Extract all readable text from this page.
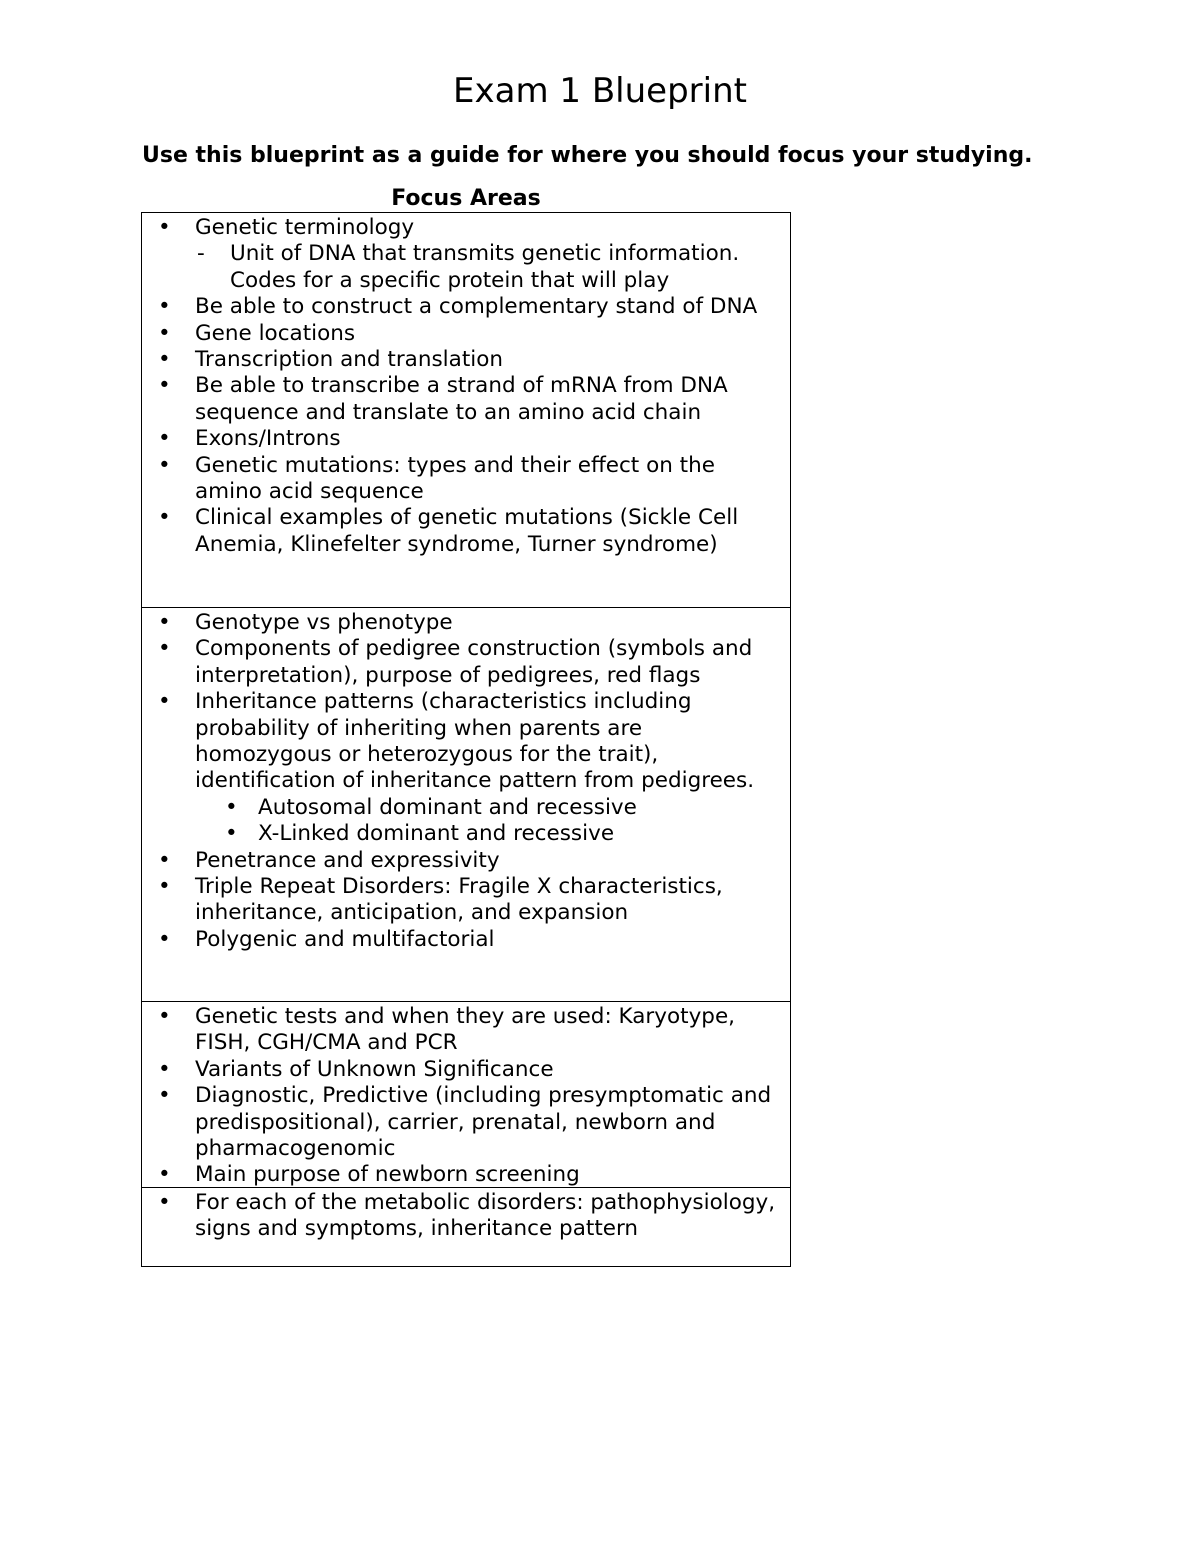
Exam 1 Blueprint
Use this blueprint as a guide for where you should focus your studying.
Focus Areas
• Genetic terminology
- Unit of DNA that transmits genetic information. Codes for a specific protein that will play
• Be able to construct a complementary stand of DNA
• Gene locations
• Transcription and translation
• Be able to transcribe a strand of mRNA from DNA sequence and translate to an amino acid chain
• Exons/Introns
• Genetic mutations: types and their effect on the amino acid sequence
• Clinical examples of genetic mutations (Sickle Cell Anemia, Klinefelter syndrome, Turner syndrome)
• Genotype vs phenotype
• Components of pedigree construction (symbols and interpretation), purpose of pedigrees, red flags
• Inheritance patterns (characteristics including probability of inheriting when parents are homozygous or heterozygous for the trait), identification of inheritance pattern from pedigrees.
• Autosomal dominant and recessive
• X-Linked dominant and recessive
• Penetrance and expressivity
• Triple Repeat Disorders: Fragile X characteristics, inheritance, anticipation, and expansion
• Polygenic and multifactorial
• Genetic tests and when they are used: Karyotype, FISH, CGH/CMA and PCR
• Variants of Unknown Significance
• Diagnostic, Predictive (including presymptomatic and predispositional), carrier, prenatal, newborn and pharmacogenomic
• Main purpose of newborn screening
• For each of the metabolic disorders: pathophysiology, signs and symptoms, inheritance pattern
